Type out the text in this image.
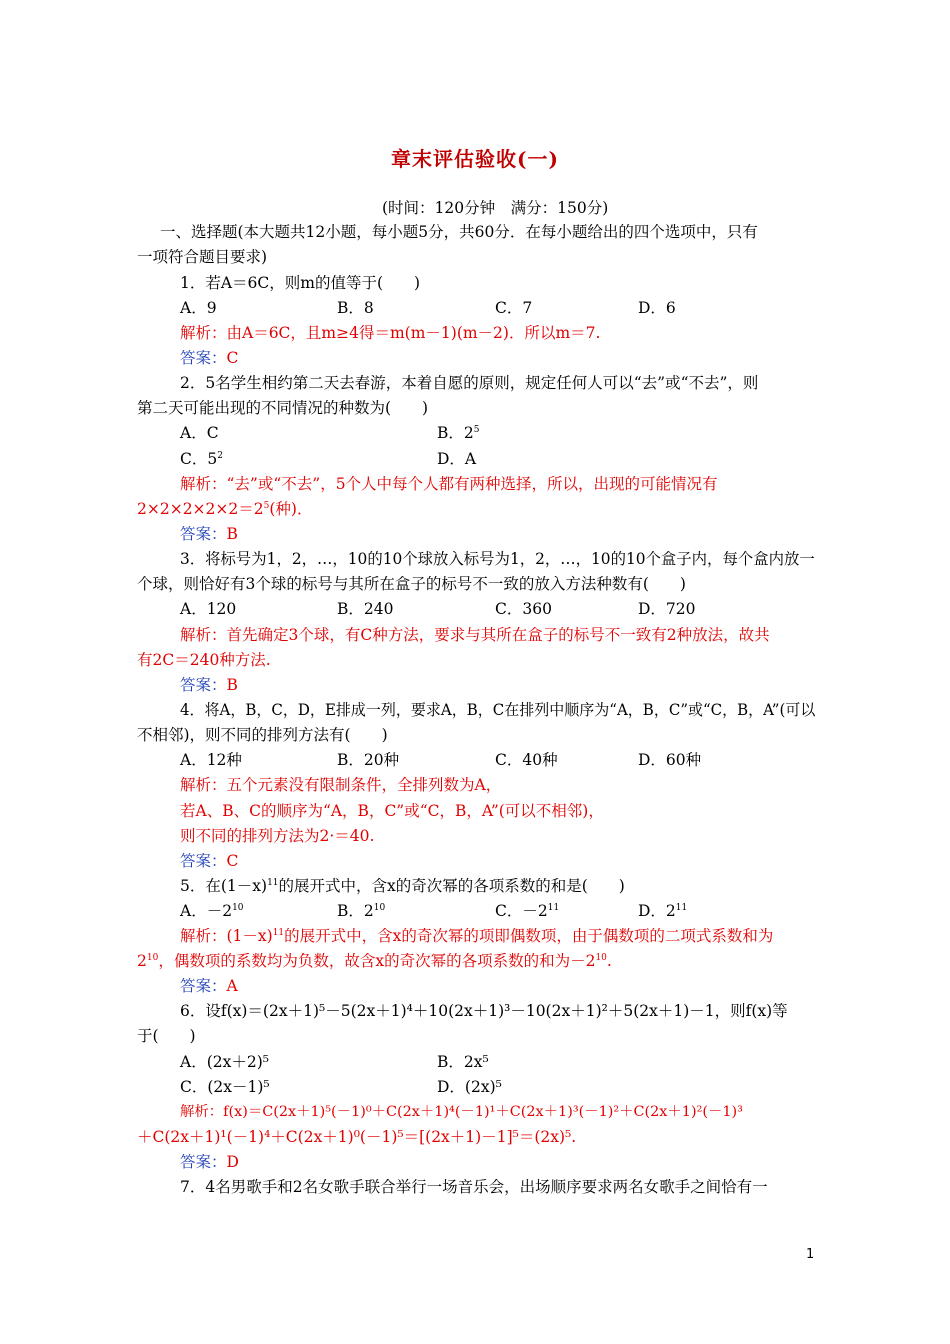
章末评估验收(一)
(时间：120分钟　满分：150分)
一、选择题(本大题共12小题，每小题5分，共60分．在每小题给出的四个选项中，只有
一项符合题目要求)
1．若A＝6C，则m的值等于(　　)
A．9	B．8	C．7	D．6
解析：由A＝6C，且m≥4得＝m(m－1)(m－2)．所以m＝7.
答案：C
2．5名学生相约第二天去春游，本着自愿的原则，规定任何人可以“去”或“不去”，则
第二天可能出现的不同情况的种数为(　　)
A．C	B．$2^5$
C．$5^2$	D．A
解析：“去”或“不去”，5个人中每个人都有两种选择，所以，出现的可能情况有
$2\times 2\times 2\times 2\times 2=2^5$(种)．
答案：B
3．将标号为1，2，…，10的10个球放入标号为1，2，…，10的10个盒子内，每个盒内放一
个球，则恰好有3个球的标号与其所在盒子的标号不一致的放入方法种数有(　　)
A．120	B．240	C．360	D．720
解析：首先确定3个球，有C种方法，要求与其所在盒子的标号不一致有2种放法，故共
有2C＝240种方法.
答案：B
4．将A，B，C，D，E排成一列，要求A，B，C在排列中顺序为“A，B，C”或“C，B，A”(可以
不相邻)，则不同的排列方法有(　　)
A．12种	B．20种	C．40种	D．60种
解析：五个元素没有限制条件，全排列数为A，
若A、B、C的顺序为“A，B，C”或“C，B，A”(可以不相邻)，
则不同的排列方法为2·＝40.
答案：C
5．在$(1-x)^{11}$的展开式中，含x的奇次幂的各项系数的和是(　　)
A．$-2^{10}$	B．$2^{10}$	C．$-2^{11}$	D．$2^{11}$
解析：$(1-x)^{11}$的展开式中，含x的奇次幂的项即偶数项，由于偶数项的二项式系数和为
$2^{10}$，偶数项的系数均为负数，故含x的奇次幂的各项系数的和为$-2^{10}$.
答案：A
6．设f(x)＝(2x＋1)⁵－5(2x＋1)⁴＋10(2x＋1)³－10(2x＋1)²＋5(2x＋1)－1，则f(x)等
于(　　)
A．(2x＋2)⁵	B．2x⁵
C．(2x－1)⁵	D．(2x)⁵
解析：f(x)＝C(2x＋1)⁵(－1)⁰＋C(2x＋1)⁴(－1)¹＋C(2x＋1)³(－1)²＋C(2x＋1)²(－1)³
＋C(2x＋1)¹(－1)⁴＋C(2x＋1)⁰(－1)⁵＝[(2x＋1)－1]⁵＝(2x)⁵.
答案：D
7．4名男歌手和2名女歌手联合举行一场音乐会，出场顺序要求两名女歌手之间恰有一
1
